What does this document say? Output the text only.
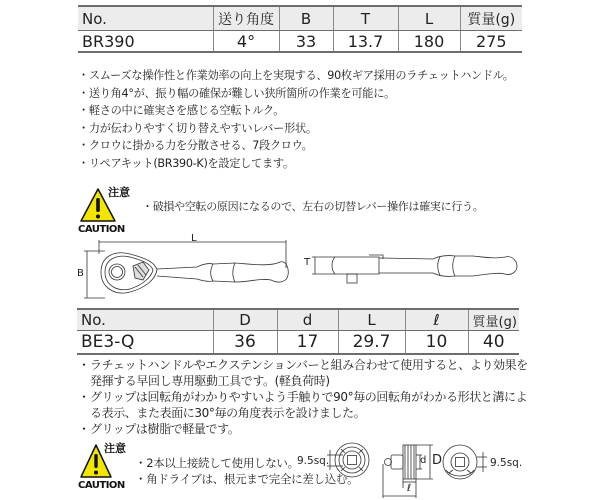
No.	送り角度	B	T	L	質量(g)
BR390	4°	33	13.7	180	275
・スムーズな操作性と作業効率の向上を実現する、90枚ギア採用のラチェットハンドル。
・送り角4°が、振り幅の確保が難しい狭所箇所の作業を可能に。
・軽さの中に確実さを感じる空転トルク。
・力が伝わりやすく切り替えやすいレバー形状。
・クロウに掛かる力を分散させる、7段クロウ。
・リペアキット(BR390-K)を設定してます。
注意
CAUTION
・破損や空転の原因になるので、左右の切替レバー操作は確実に行う。
L
B
T
No.	D	d	L	ℓ	質量(g)
BE3-Q	36	17	29.7	10	40
・ ラチェットハンドルやエクステンションバーと組み合わせて使用すると、より効果を発揮する早回し専用駆動工具です。(軽負荷時)
・ グリップは回転角がわかりやすいよう手触りで90°毎の回転角がわかる形状と溝による表示、また表面に30°毎の角度表示を設けました。
・ グリップは樹脂で軽量です。
注意
CAUTION
・2本以上接続して使用しない。
・角ドライブは、根元まで完全に差し込む。
9.5sq.	d D
ℓ
9.5sq.
